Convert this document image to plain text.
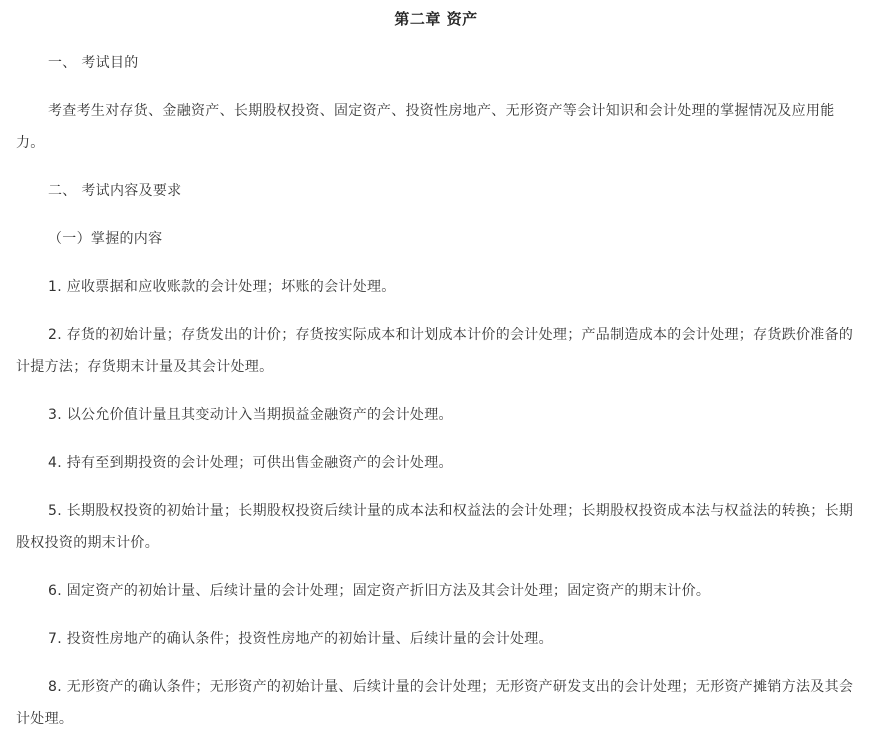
第二章 资产

一、 考试目的

考查考生对存货、金融资产、长期股权投资、固定资产、投资性房地产、无形资产等会计知识和会计处理的掌握情况及应用能力。

二、 考试内容及要求

（一）掌握的内容

1. 应收票据和应收账款的会计处理；坏账的会计处理。

2. 存货的初始计量；存货发出的计价；存货按实际成本和计划成本计价的会计处理；产品制造成本的会计处理；存货跌价准备的计提方法；存货期末计量及其会计处理。

3. 以公允价值计量且其变动计入当期损益金融资产的会计处理。

4. 持有至到期投资的会计处理；可供出售金融资产的会计处理。

5. 长期股权投资的初始计量；长期股权投资后续计量的成本法和权益法的会计处理；长期股权投资成本法与权益法的转换；长期股权投资的期末计价。

6. 固定资产的初始计量、后续计量的会计处理；固定资产折旧方法及其会计处理；固定资产的期末计价。

7. 投资性房地产的确认条件；投资性房地产的初始计量、后续计量的会计处理。

8. 无形资产的确认条件；无形资产的初始计量、后续计量的会计处理；无形资产研发支出的会计处理；无形资产摊销方法及其会计处理。
